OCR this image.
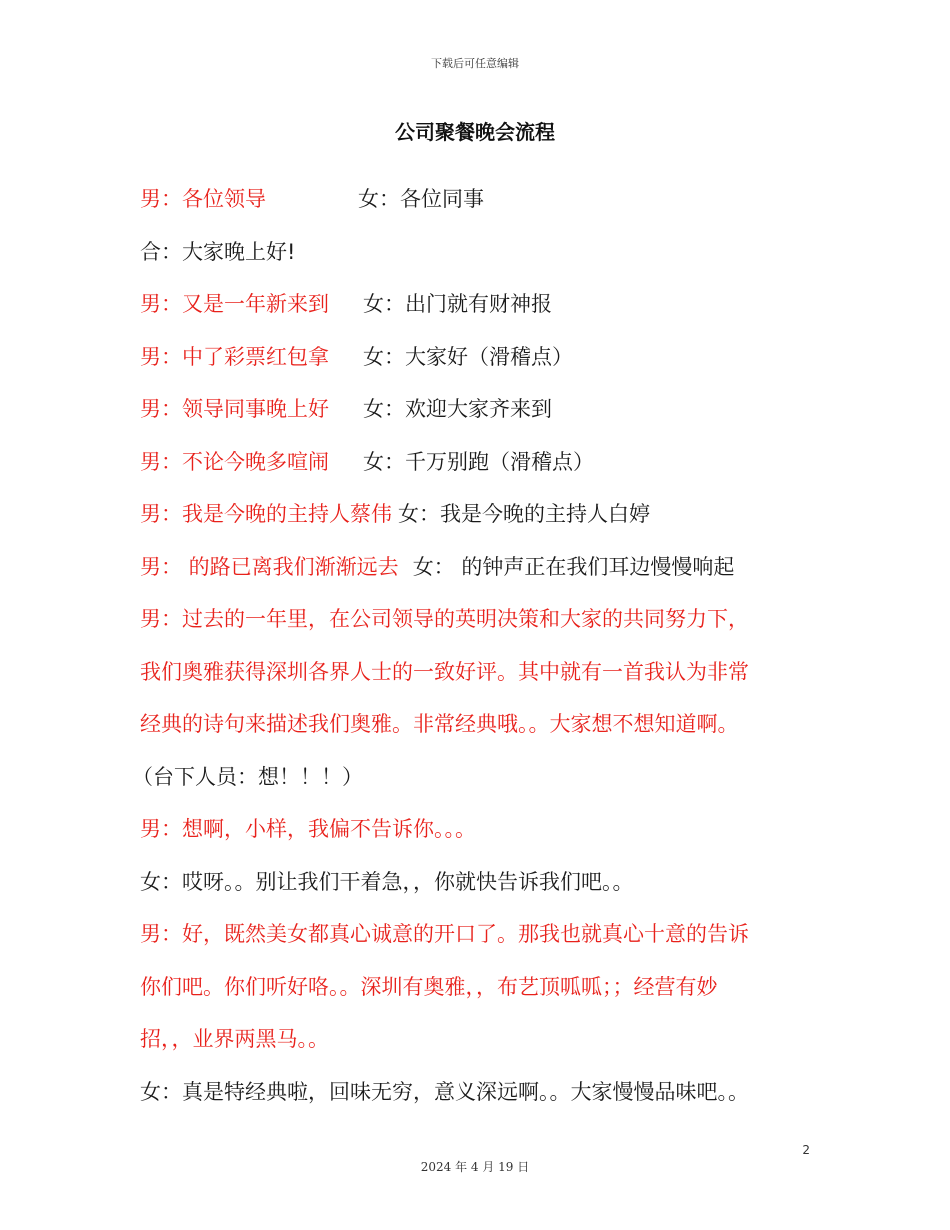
下载后可任意编辑
公司聚餐晚会流程
男：各位领导	女：各位同事
合：大家晚上好!
男：又是一年新来到 女：出门就有财神报
男：中了彩票红包拿 女：大家好（滑稽点）
男：领导同事晚上好 女：欢迎大家齐来到
男：不论今晚多喧闹 女：千万别跑（滑稽点）
男：我是今晚的主持人蔡伟 女：我是今晚的主持人白婷
男： 的路已离我们渐渐远去 女： 的钟声正在我们耳边慢慢响起
男：过去的一年里，在公司领导的英明决策和大家的共同努力下，
我们奥雅获得深圳各界人士的一致好评。其中就有一首我认为非常
经典的诗句来描述我们奥雅。非常经典哦。。大家想不想知道啊。
（台下人员：想！！！）
男：想啊，小样，我偏不告诉你。。。
女：哎呀。。别让我们干着急，，你就快告诉我们吧。。
男：好，既然美女都真心诚意的开口了。那我也就真心十意的告诉
你们吧。你们听好咯。。深圳有奥雅，，布艺顶呱呱；；经营有妙
招，，业界两黑马。。
女：真是特经典啦，回味无穷，意义深远啊。。大家慢慢品味吧。。
2
2024 年 4 月 19 日
